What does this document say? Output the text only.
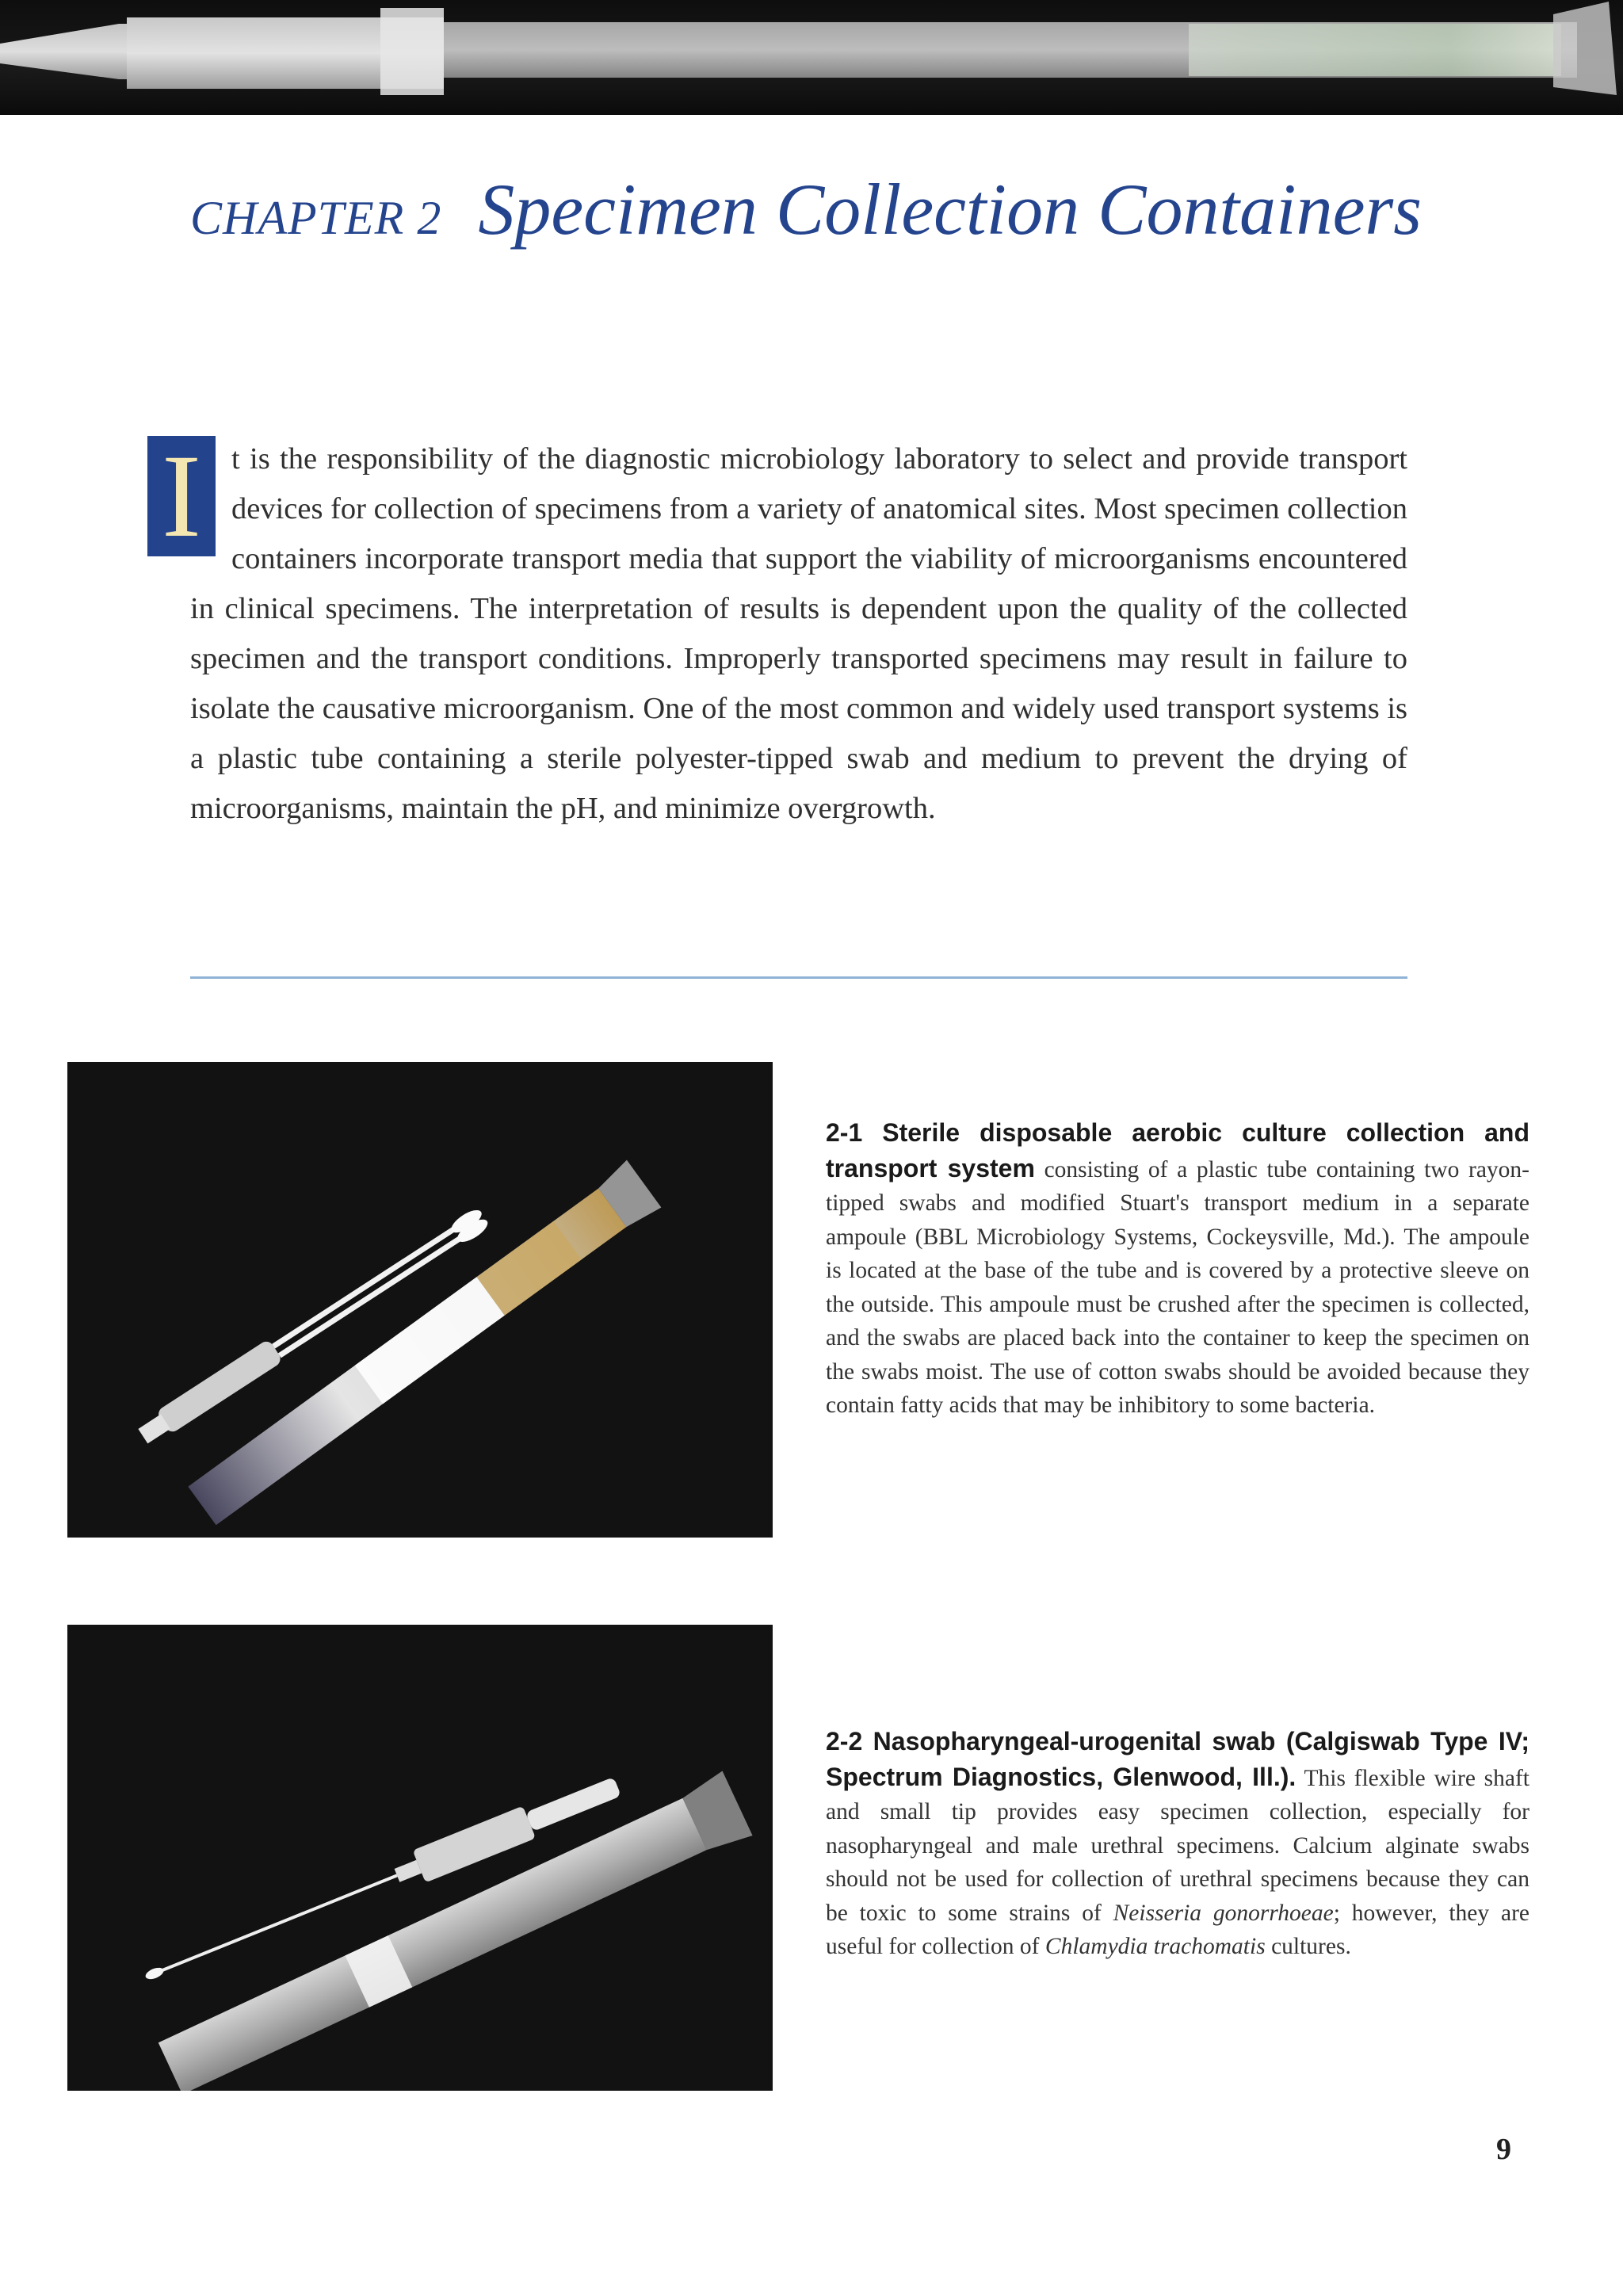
CHAPTER 2 Specimen Collection Containers

I t is the responsibility of the diagnostic microbiology laboratory to select and provide transport devices for collection of specimens from a variety of anatomical sites. Most specimen collection containers incorporate transport media that support the viability of microorganisms encountered in clinical specimens. The interpretation of results is dependent upon the quality of the collected specimen and the transport conditions. Improperly transported specimens may result in failure to isolate the causative microorganism. One of the most common and widely used transport systems is a plastic tube containing a sterile polyester-tipped swab and medium to prevent the drying of microorganisms, maintain the pH, and minimize overgrowth.

2-1 Sterile disposable aerobic culture collection and transport system consisting of a plastic tube containing two rayon-tipped swabs and modified Stuart's transport medium in a separate ampoule (BBL Microbiology Systems, Cockeysville, Md.). The ampoule is located at the base of the tube and is covered by a protective sleeve on the outside. This ampoule must be crushed after the specimen is collected, and the swabs are placed back into the container to keep the specimen on the swabs moist. The use of cotton swabs should be avoided because they contain fatty acids that may be inhibitory to some bacteria.

2-2 Nasopharyngeal-urogenital swab (Calgiswab Type IV; Spectrum Diagnostics, Glenwood, Ill.). This flexible wire shaft and small tip provides easy specimen collection, especially for nasopharyngeal and male urethral specimens. Calcium alginate swabs should not be used for collection of urethral specimens because they can be toxic to some strains of Neisseria gonorrhoeae; however, they are useful for collection of Chlamydia trachomatis cultures.

9
